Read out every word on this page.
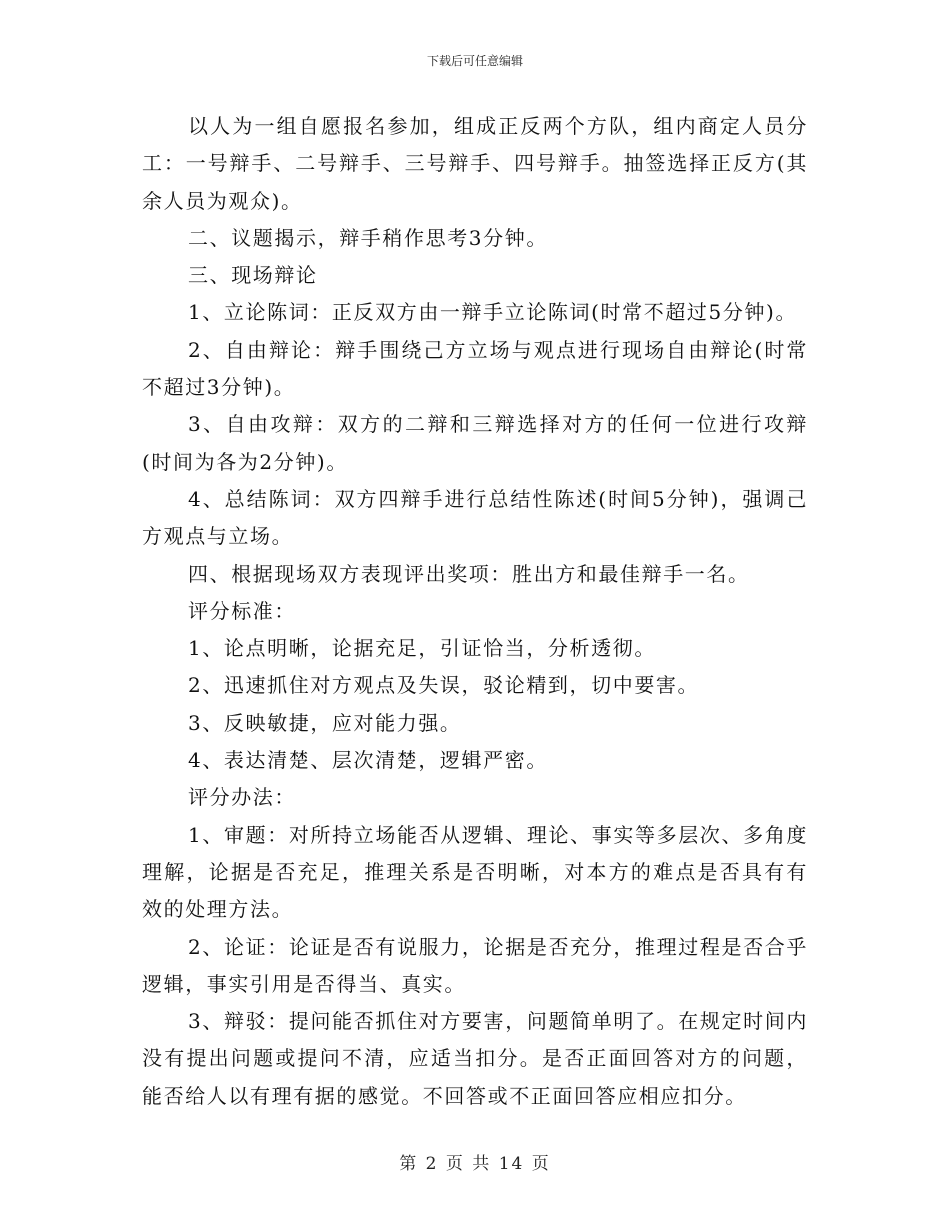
下载后可任意编辑

以人为一组自愿报名参加，组成正反两个方队，组内商定人员分工：一号辩手、二号辩手、三号辩手、四号辩手。抽签选择正反方(其余人员为观众)。

二、议题揭示，辩手稍作思考3分钟。

三、现场辩论

1、立论陈词：正反双方由一辩手立论陈词(时常不超过5分钟)。

2、自由辩论：辩手围绕己方立场与观点进行现场自由辩论(时常不超过3分钟)。

3、自由攻辩：双方的二辩和三辩选择对方的任何一位进行攻辩(时间为各为2分钟)。

4、总结陈词：双方四辩手进行总结性陈述(时间5分钟)，强调己方观点与立场。

四、根据现场双方表现评出奖项：胜出方和最佳辩手一名。

评分标准：

1、论点明晰，论据充足，引证恰当，分析透彻。

2、迅速抓住对方观点及失误，驳论精到，切中要害。

3、反映敏捷，应对能力强。

4、表达清楚、层次清楚，逻辑严密。

评分办法：

1、审题：对所持立场能否从逻辑、理论、事实等多层次、多角度理解，论据是否充足，推理关系是否明晰，对本方的难点是否具有有效的处理方法。

2、论证：论证是否有说服力，论据是否充分，推理过程是否合乎逻辑，事实引用是否得当、真实。

3、辩驳：提问能否抓住对方要害，问题简单明了。在规定时间内没有提出问题或提问不清，应适当扣分。是否正面回答对方的问题，能否给人以有理有据的感觉。不回答或不正面回答应相应扣分。

第 2 页 共 14 页
